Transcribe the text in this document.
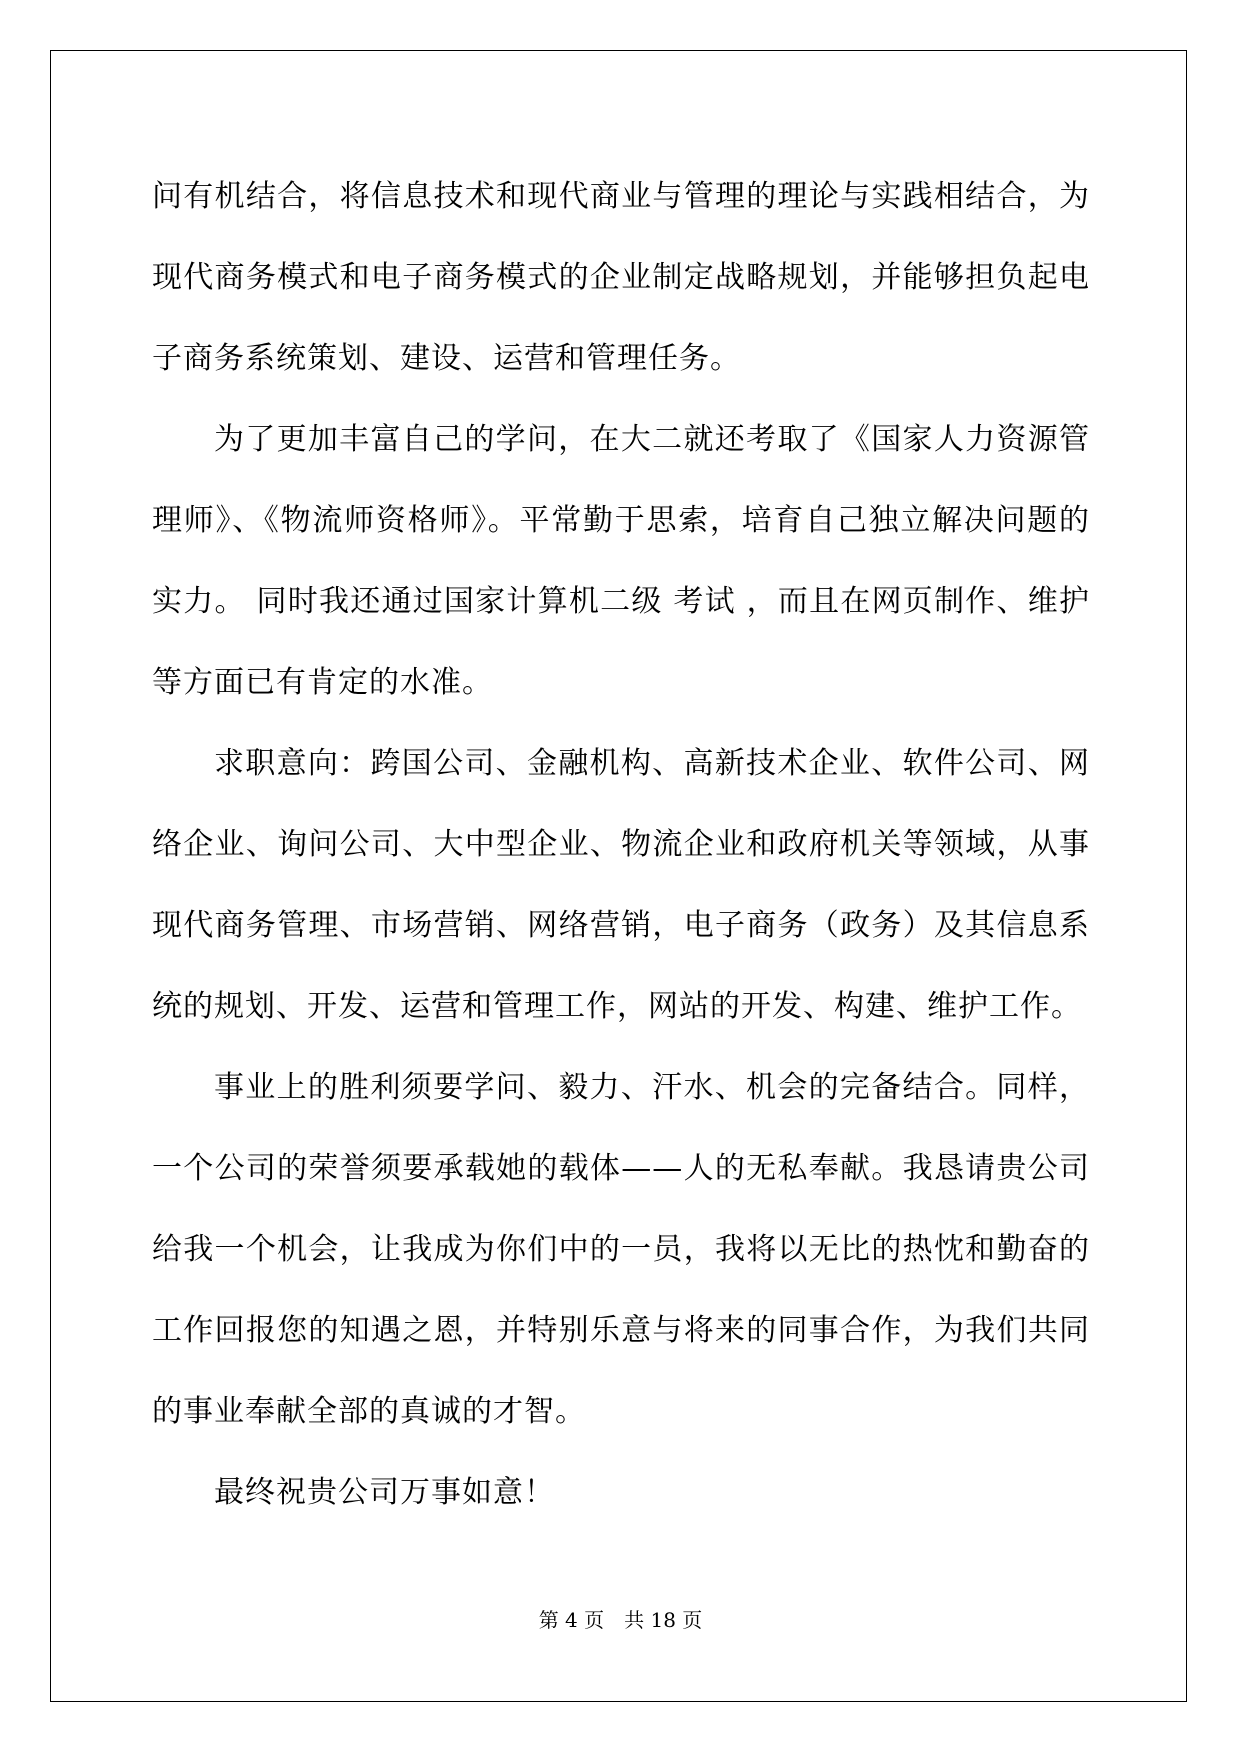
问有机结合，将信息技术和现代商业与管理的理论与实践相结合，为现代商务模式和电子商务模式的企业制定战略规划，并能够担负起电子商务系统策划、建设、运营和管理任务。

为了更加丰富自己的学问，在大二就还考取了《国家人力资源管理师》、《物流师资格师》。平常勤于思索，培育自己独立解决问题的实力。 同时我还通过国家计算机二级 考试 ，而且在网页制作、维护等方面已有肯定的水准。

求职意向：跨国公司、金融机构、高新技术企业、软件公司、网络企业、询问公司、大中型企业、物流企业和政府机关等领域，从事现代商务管理、市场营销、网络营销，电子商务（政务）及其信息系统的规划、开发、运营和管理工作，网站的开发、构建、维护工作。

事业上的胜利须要学问、毅力、汗水、机会的完备结合。同样，一个公司的荣誉须要承载她的载体——人的无私奉献。我恳请贵公司给我一个机会，让我成为你们中的一员，我将以无比的热忱和勤奋的工作回报您的知遇之恩，并特别乐意与将来的同事合作，为我们共同的事业奉献全部的真诚的才智。

最终祝贵公司万事如意！

第 4 页　共 18 页
